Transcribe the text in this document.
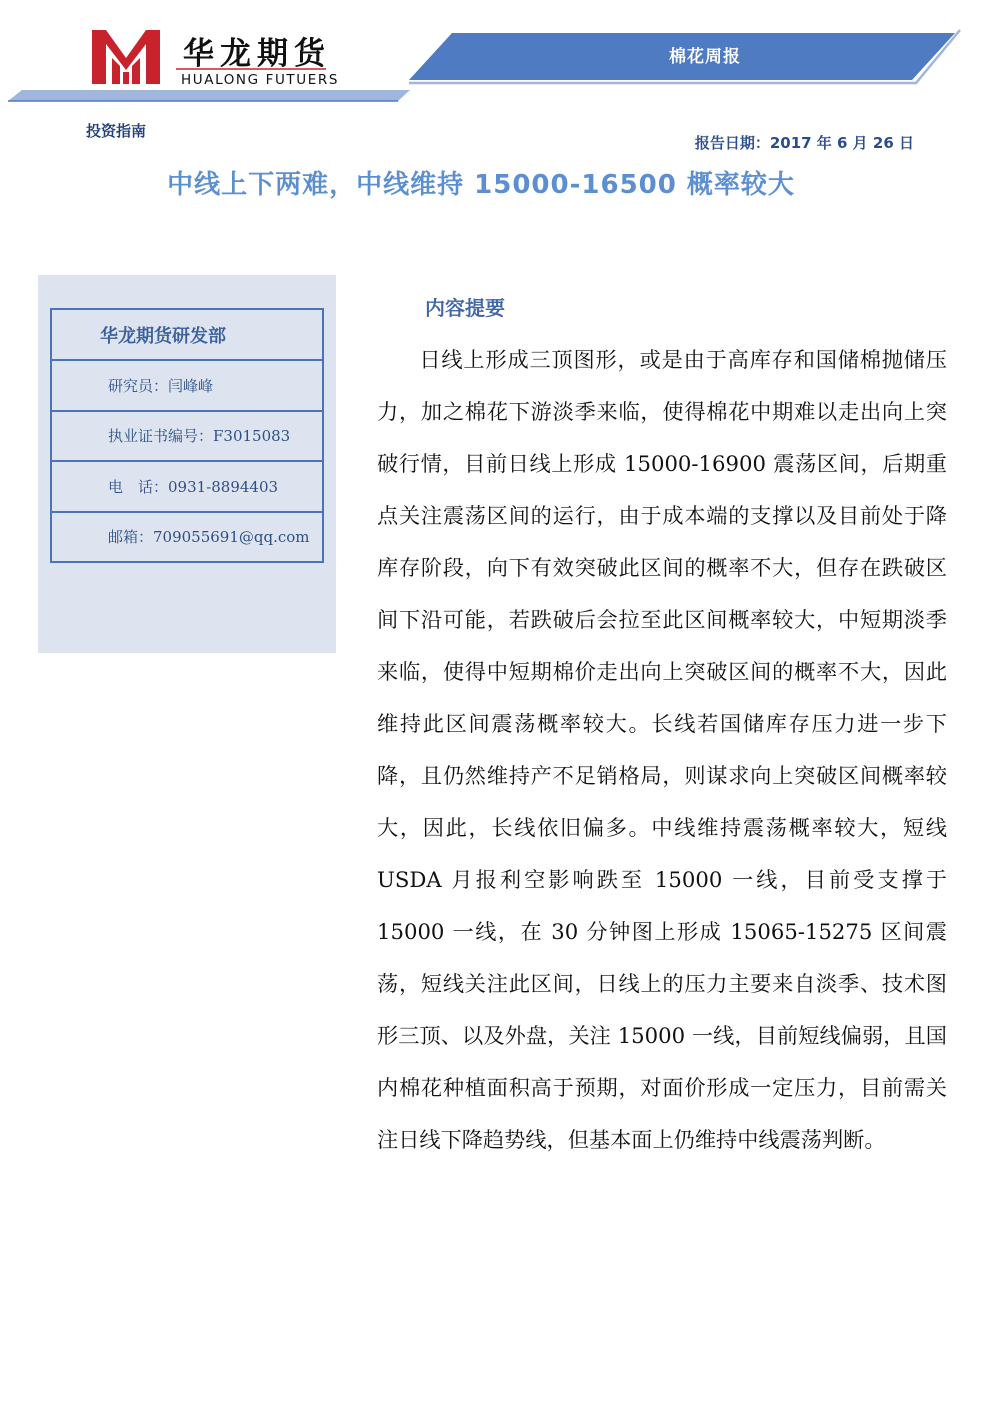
华龙期货
HUALONG FUTUERS
棉花周报
投资指南
报告日期：2017 年 6 月 26 日
中线上下两难，中线维持 15000-16500 概率较大
华龙期货研发部
研究员：闫峰峰
执业证书编号：F3015083
电　话：0931-8894403
邮箱：709055691@qq.com
内容提要

日线上形成三顶图形，或是由于高库存和国储棉抛储压力，加之棉花下游淡季来临，使得棉花中期难以走出向上突破行情，目前日线上形成 15000-16900 震荡区间，后期重点关注震荡区间的运行，由于成本端的支撑以及目前处于降库存阶段，向下有效突破此区间的概率不大，但存在跌破区间下沿可能，若跌破后会拉至此区间概率较大，中短期淡季来临，使得中短期棉价走出向上突破区间的概率不大，因此维持此区间震荡概率较大。长线若国储库存压力进一步下降，且仍然维持产不足销格局，则谋求向上突破区间概率较大，因此，长线依旧偏多。中线维持震荡概率较大，短线 USDA 月报利空影响跌至 15000 一线，目前受支撑于 15000 一线，在 30 分钟图上形成 15065-15275 区间震荡，短线关注此区间，日线上的压力主要来自淡季、技术图形三顶、以及外盘，关注 15000 一线，目前短线偏弱，且国内棉花种植面积高于预期，对面价形成一定压力，目前需关注日线下降趋势线，但基本面上仍维持中线震荡判断。
